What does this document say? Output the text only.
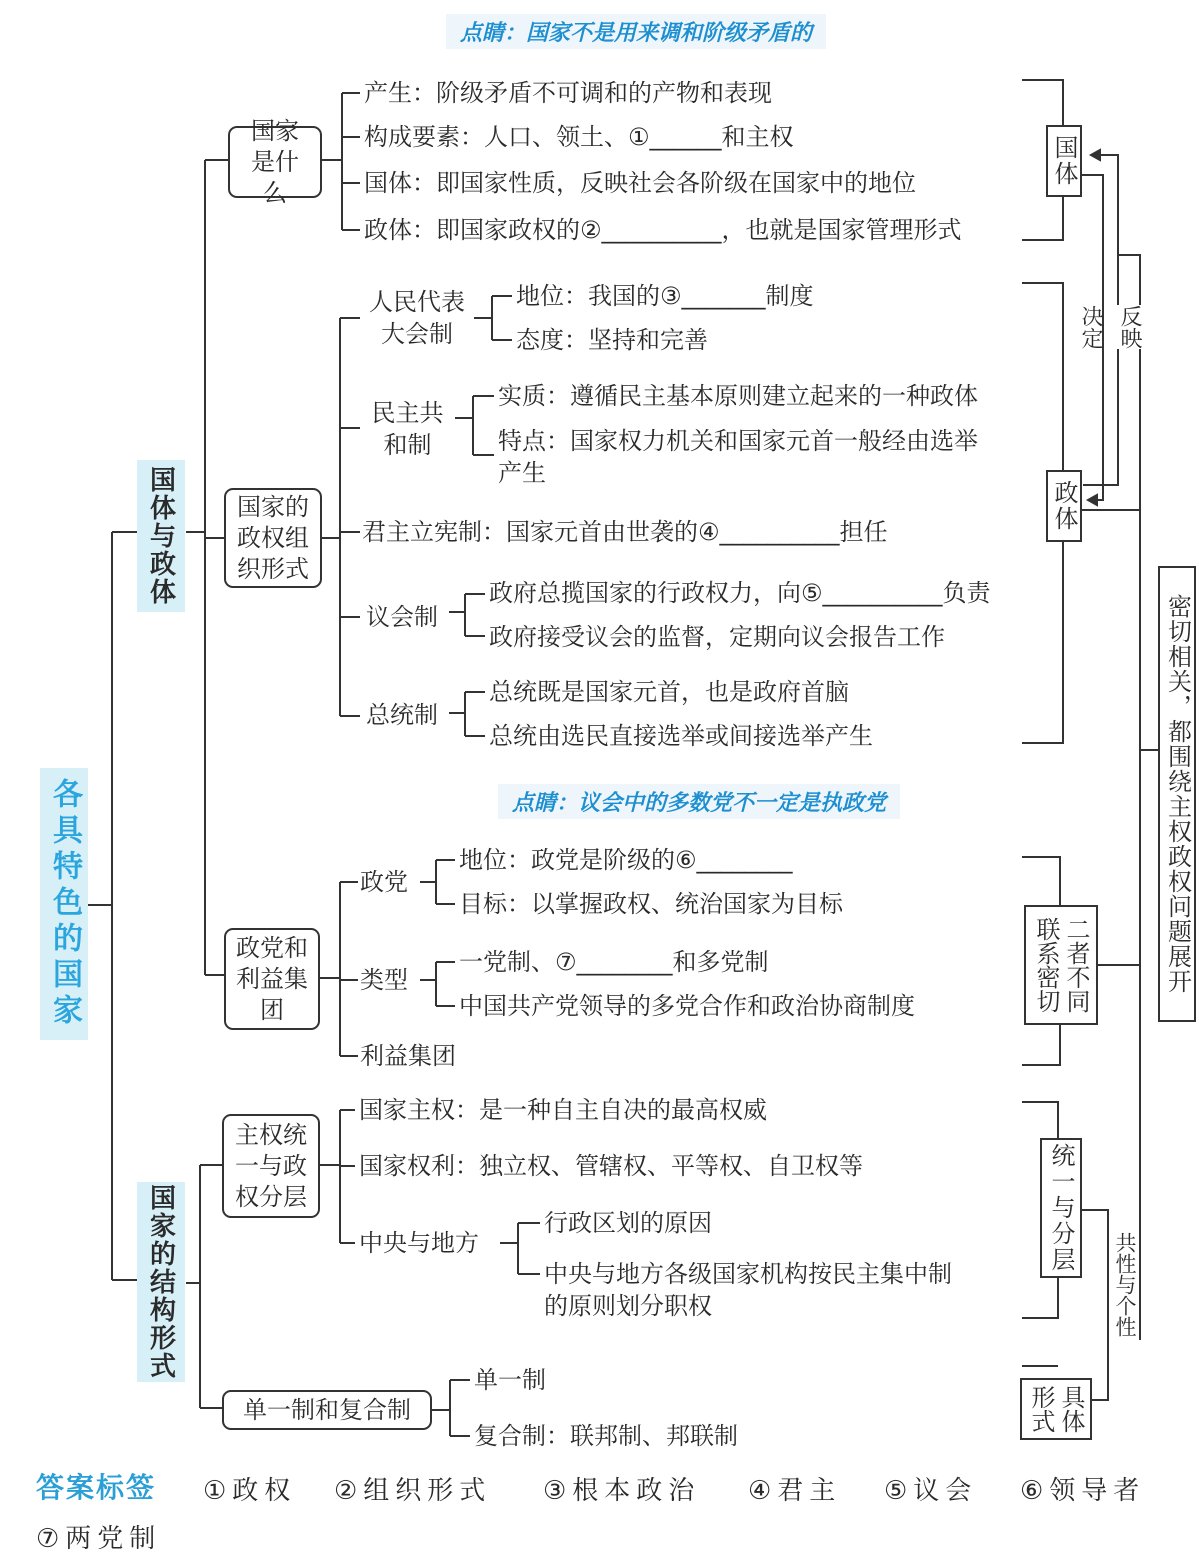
点睛：国家不是用来调和阶级矛盾的
点睛：议会中的多数党不一定是执政党
各具特色的国家
国体与政体
国家的结构形式
国家是什么
国家的政权组织形式
政党和利益集团
主权统一与政权分层
单一制和复合制
产生：阶级矛盾不可调和的产物和表现
构成要素：人口、领土、①______和主权
国体：即国家性质，反映社会各阶级在国家中的地位
政体：即国家政权的②__________，也就是国家管理形式
人民代表大会制
地位：我国的③_______制度
态度：坚持和完善
民主共和制
实质：遵循民主基本原则建立起来的一种政体
特点：国家权力机关和国家元首一般经由选举
产生
君主立宪制：国家元首由世袭的④__________担任
议会制
政府总揽国家的行政权力，向⑤__________负责
政府接受议会的监督，定期向议会报告工作
总统制
总统既是国家元首，也是政府首脑
总统由选民直接选举或间接选举产生
政党
地位：政党是阶级的⑥________
目标：以掌握政权、统治国家为目标
类型
一党制、⑦________和多党制
中国共产党领导的多党合作和政治协商制度
利益集团
国家主权：是一种自主自决的最高权威
国家权利：独立权、管辖权、平等权、自卫权等
中央与地方
行政区划的原因
中央与地方各级国家机构按民主集中制
的原则划分职权
单一制
复合制：联邦制、邦联制
国体
政体
决定 反映
二者不同
联系密切
统一与分层
共性与个性
具体形式
密切相关，都围绕主权政权问题展开
答案标签 ①政权 ②组织形式 ③根本政治 ④君主 ⑤议会 ⑥领导者
⑦两党制
